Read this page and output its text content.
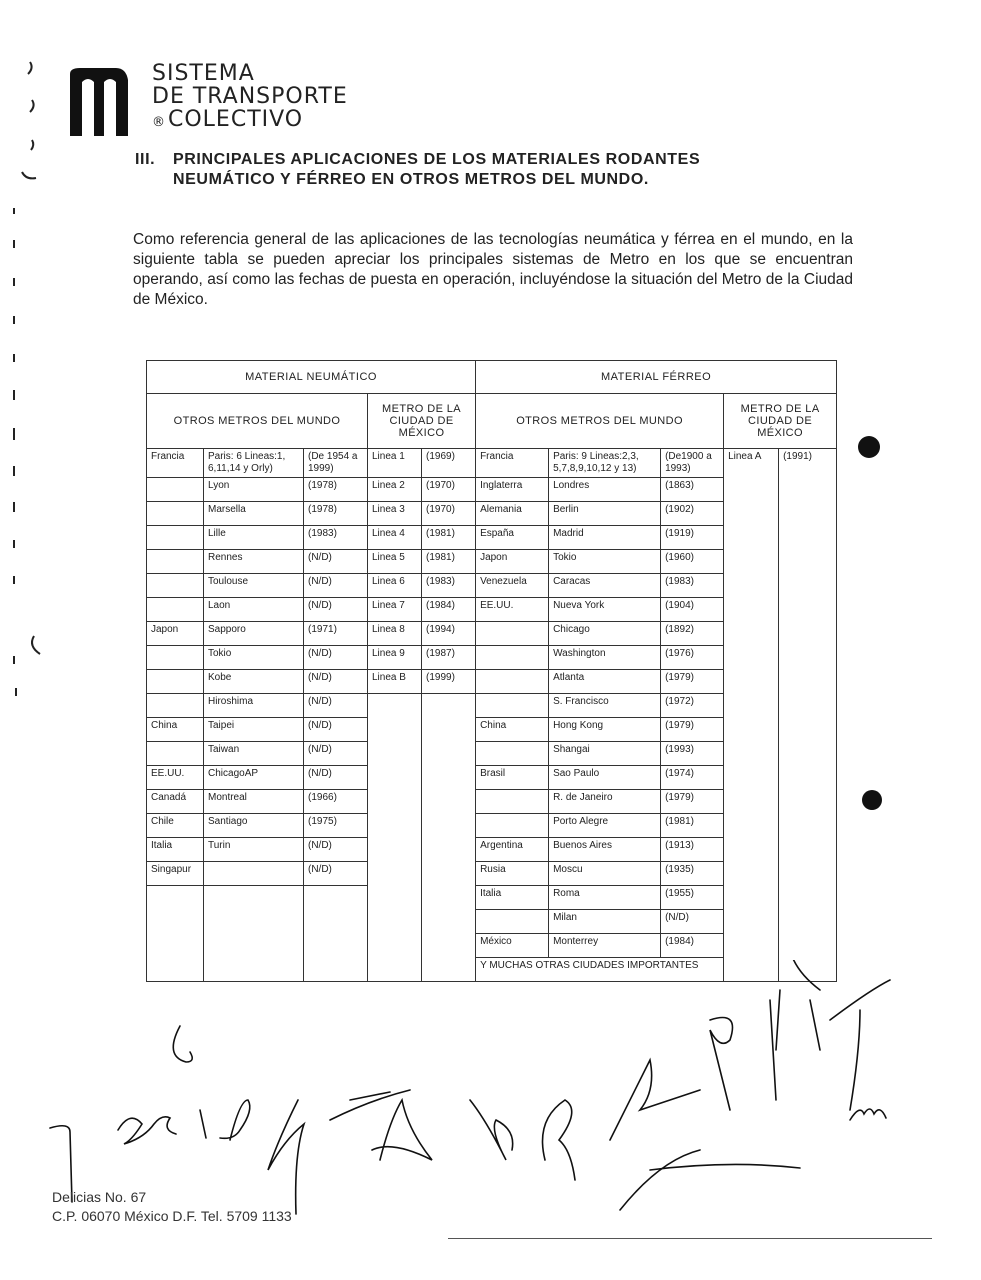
SISTEMA
DE TRANSPORTE
®COLECTIVO
III. PRINCIPALES APLICACIONES DE LOS MATERIALES RODANTES
NEUMÁTICO Y FÉRREO EN OTROS METROS DEL MUNDO.
Como referencia general de las aplicaciones de las tecnologías neumática y férrea en el mundo, en la siguiente tabla se pueden apreciar los principales sistemas de Metro en los que se encuentran operando, así como las fechas de puesta en operación, incluyéndose la situación del Metro de la Ciudad de México.
MATERIAL NEUMÁTICO					MATERIAL FÉRREO				
OTROS METROS DEL MUNDO			METRO DE LA CIUDAD DE MÉXICO		OTROS METROS DEL MUNDO			METRO DE LA CIUDAD DE MÉXICO	
Francia	Paris: 6 Lineas:1, 6,11,14 y Orly)	(De 1954 a 1999)	Linea 1	(1969)	Francia	Paris: 9 Lineas:2,3, 5,7,8,9,10,12 y 13)	(De1900 a 1993)	Linea A	(1991)
	Lyon	(1978)	Linea 2	(1970)	Inglaterra	Londres	(1863)		
	Marsella	(1978)	Linea 3	(1970)	Alemania	Berlin	(1902)		
	Lille	(1983)	Linea 4	(1981)	España	Madrid	(1919)		
	Rennes	(N/D)	Linea 5	(1981)	Japon	Tokio	(1960)		
	Toulouse	(N/D)	Linea 6	(1983)	Venezuela	Caracas	(1983)		
	Laon	(N/D)	Linea 7	(1984)	EE.UU.	Nueva York	(1904)		
Japon	Sapporo	(1971)	Linea 8	(1994)		Chicago	(1892)		
	Tokio	(N/D)	Linea 9	(1987)		Washington	(1976)		
	Kobe	(N/D)	Linea B	(1999)		Atlanta	(1979)		
	Hiroshima	(N/D)				S. Francisco	(1972)		
China	Taipei	(N/D)			China	Hong Kong	(1979)		
	Taiwan	(N/D)				Shangai	(1993)		
EE.UU.	ChicagoAP	(N/D)			Brasil	Sao Paulo	(1974)		
Canadá	Montreal	(1966)				R. de Janeiro	(1979)		
Chile	Santiago	(1975)				Porto Alegre	(1981)		
Italia	Turin	(N/D)			Argentina	Buenos Aires	(1913)		
Singapur		(N/D)			Rusia	Moscu	(1935)		
					Italia	Roma	(1955)		
						Milan	(N/D)		
					México	Monterrey	(1984)		
					Y MUCHAS OTRAS CIUDADES IMPORTANTES				

Delicias No. 67
C.P. 06070 México D.F. Tel. 5709 1133
